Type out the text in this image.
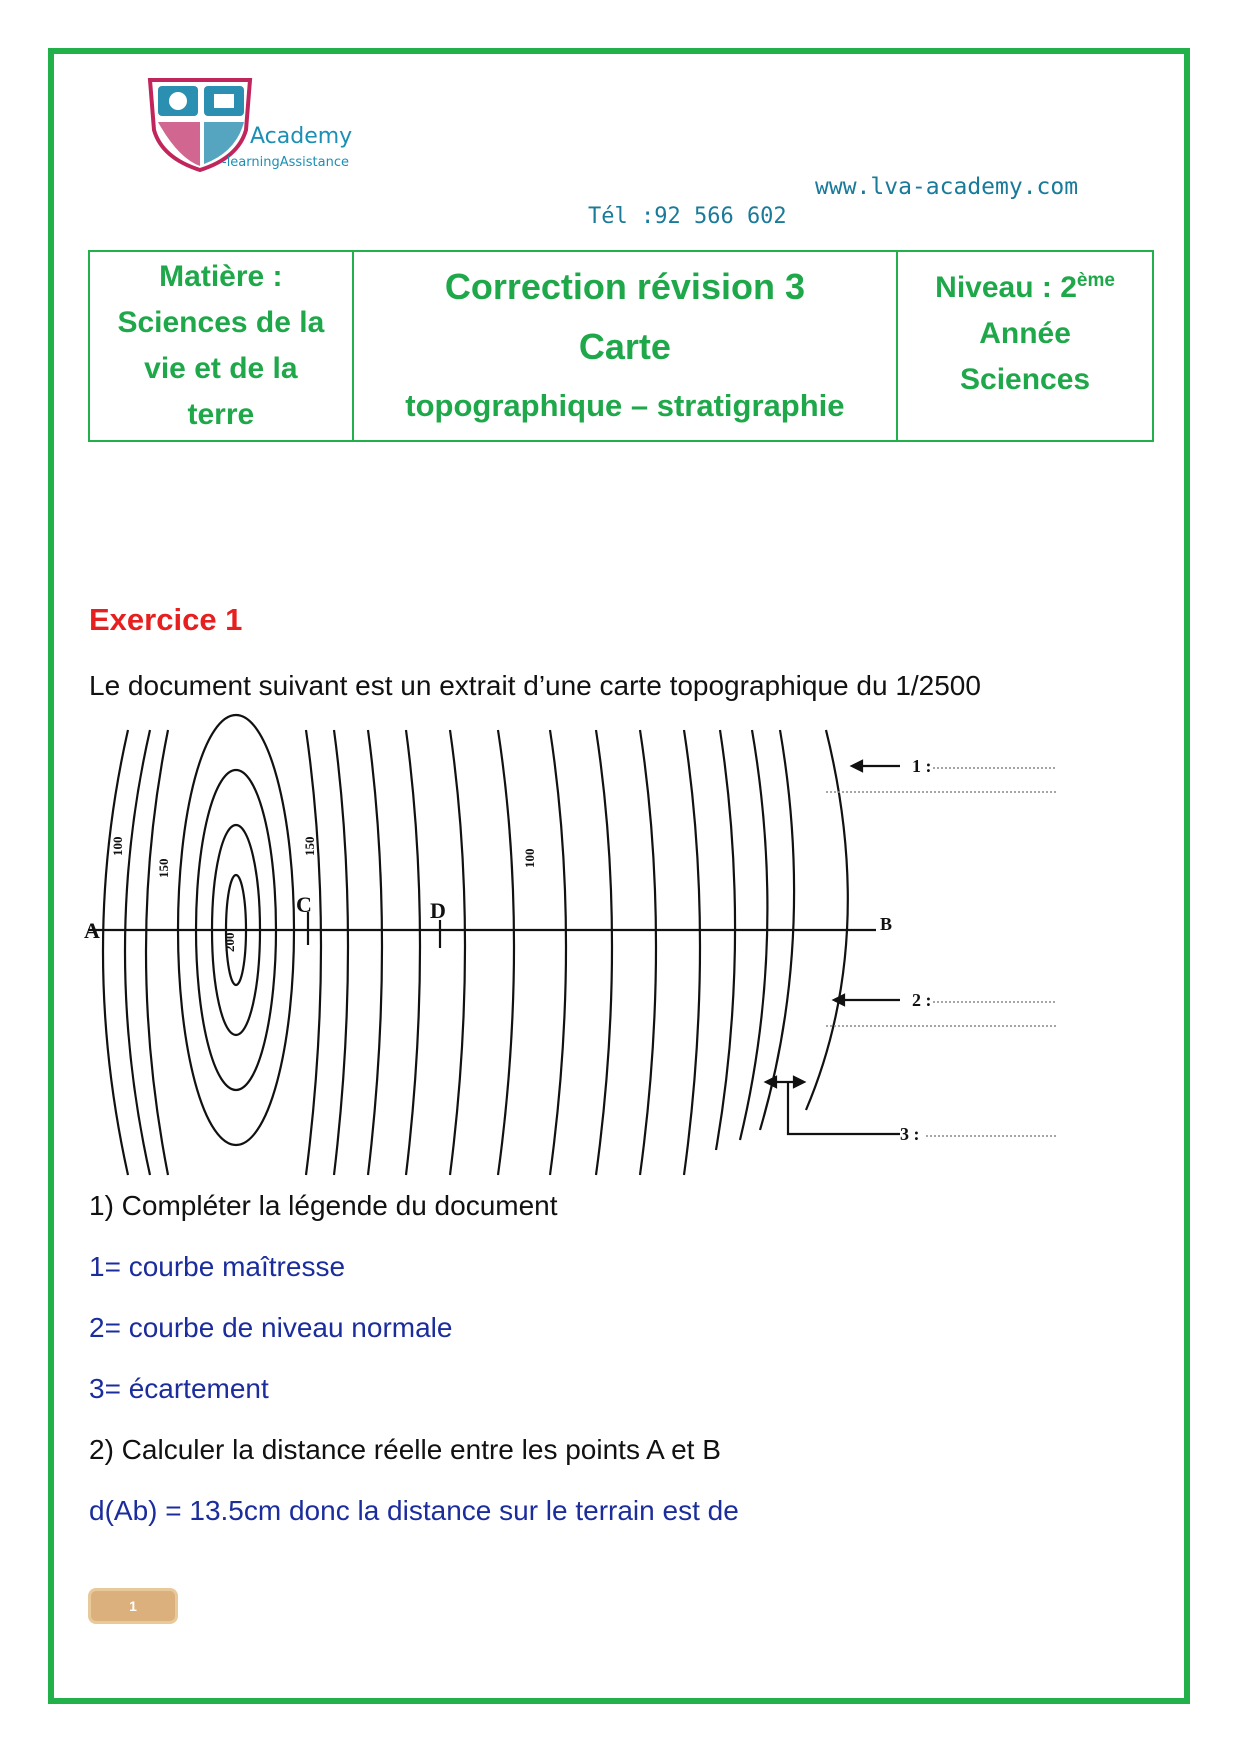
Academy
-learningAssistance
www.lva-academy.com
Tél :92 566 602
Matière :
Sciences de la
vie et de la
terre

Correction révision 3
Carte
topographique – stratigraphie

Niveau : 2ème
Année
Sciences
Exercice 1
Le document suivant est un extrait d’une carte topographique du 1/2500
A	B
C	D
1 :
2 :
3 :
100
150
200
150
100
1) Compléter la légende du document
1= courbe maîtresse
2= courbe de niveau normale
3= écartement
2) Calculer la distance réelle entre les points A et B
d(Ab) = 13.5cm donc la distance sur le terrain est de
1
